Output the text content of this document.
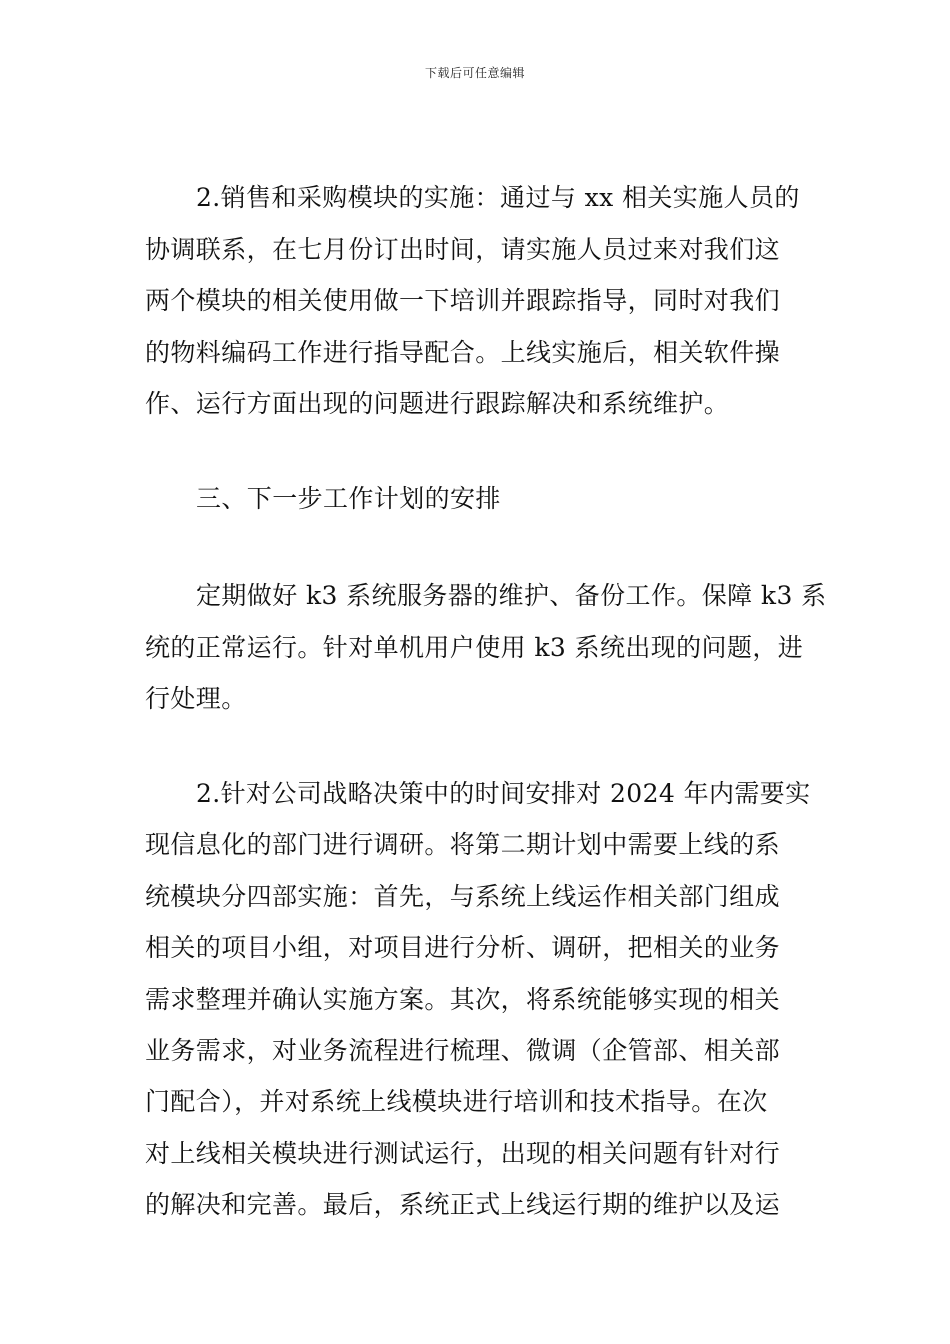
下载后可任意编辑
2.销售和采购模块的实施：通过与 xx 相关实施人员的
协调联系，在七月份订出时间，请实施人员过来对我们这
两个模块的相关使用做一下培训并跟踪指导，同时对我们
的物料编码工作进行指导配合。上线实施后，相关软件操
作、运行方面出现的问题进行跟踪解决和系统维护。
三、下一步工作计划的安排
定期做好 k3 系统服务器的维护、备份工作。保障 k3 系
统的正常运行。针对单机用户使用 k3 系统出现的问题，进
行处理。
2.针对公司战略决策中的时间安排对 2024 年内需要实
现信息化的部门进行调研。将第二期计划中需要上线的系
统模块分四部实施：首先，与系统上线运作相关部门组成
相关的项目小组，对项目进行分析、调研，把相关的业务
需求整理并确认实施方案。其次，将系统能够实现的相关
业务需求，对业务流程进行梳理、微调（企管部、相关部
门配合），并对系统上线模块进行培训和技术指导。在次
对上线相关模块进行测试运行，出现的相关问题有针对行
的解决和完善。最后，系统正式上线运行期的维护以及运
